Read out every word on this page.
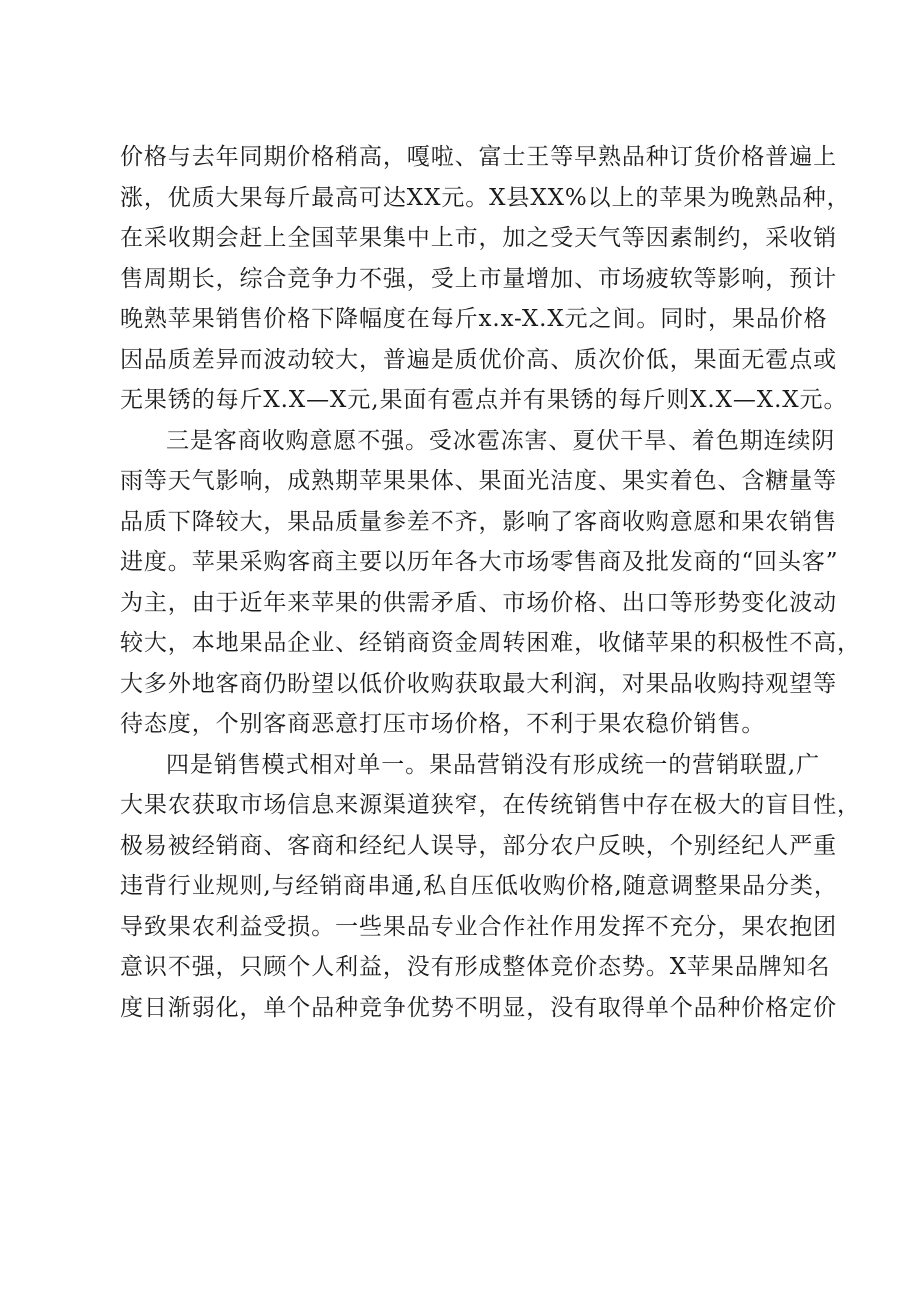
价格与去年同期价格稍高，嘎啦、富士王等早熟品种订货价格普遍上
涨，优质大果每斤最高可达XX元。X县XX%以上的苹果为晚熟品种，
在采收期会赶上全国苹果集中上市，加之受天气等因素制约，采收销
售周期长，综合竞争力不强，受上市量增加、市场疲软等影响，预计
晚熟苹果销售价格下降幅度在每斤x.x-X.X元之间。同时，果品价格
因品质差异而波动较大，普遍是质优价高、质次价低，果面无雹点或
无果锈的每斤X.X—X元,果面有雹点并有果锈的每斤则X.X—X.X元。
三是客商收购意愿不强。受冰雹冻害、夏伏干旱、着色期连续阴
雨等天气影响，成熟期苹果果体、果面光洁度、果实着色、含糖量等
品质下降较大，果品质量参差不齐，影响了客商收购意愿和果农销售
进度。苹果采购客商主要以历年各大市场零售商及批发商的“回头客”
为主，由于近年来苹果的供需矛盾、市场价格、出口等形势变化波动
较大，本地果品企业、经销商资金周转困难，收储苹果的积极性不高，
大多外地客商仍盼望以低价收购获取最大利润，对果品收购持观望等
待态度，个别客商恶意打压市场价格，不利于果农稳价销售。
四是销售模式相对单一。果品营销没有形成统一的营销联盟,广
大果农获取市场信息来源渠道狭窄，在传统销售中存在极大的盲目性，
极易被经销商、客商和经纪人误导，部分农户反映，个别经纪人严重
违背行业规则,与经销商串通,私自压低收购价格,随意调整果品分类，
导致果农利益受损。一些果品专业合作社作用发挥不充分，果农抱团
意识不强，只顾个人利益，没有形成整体竞价态势。X苹果品牌知名
度日渐弱化，单个品种竞争优势不明显，没有取得单个品种价格定价
